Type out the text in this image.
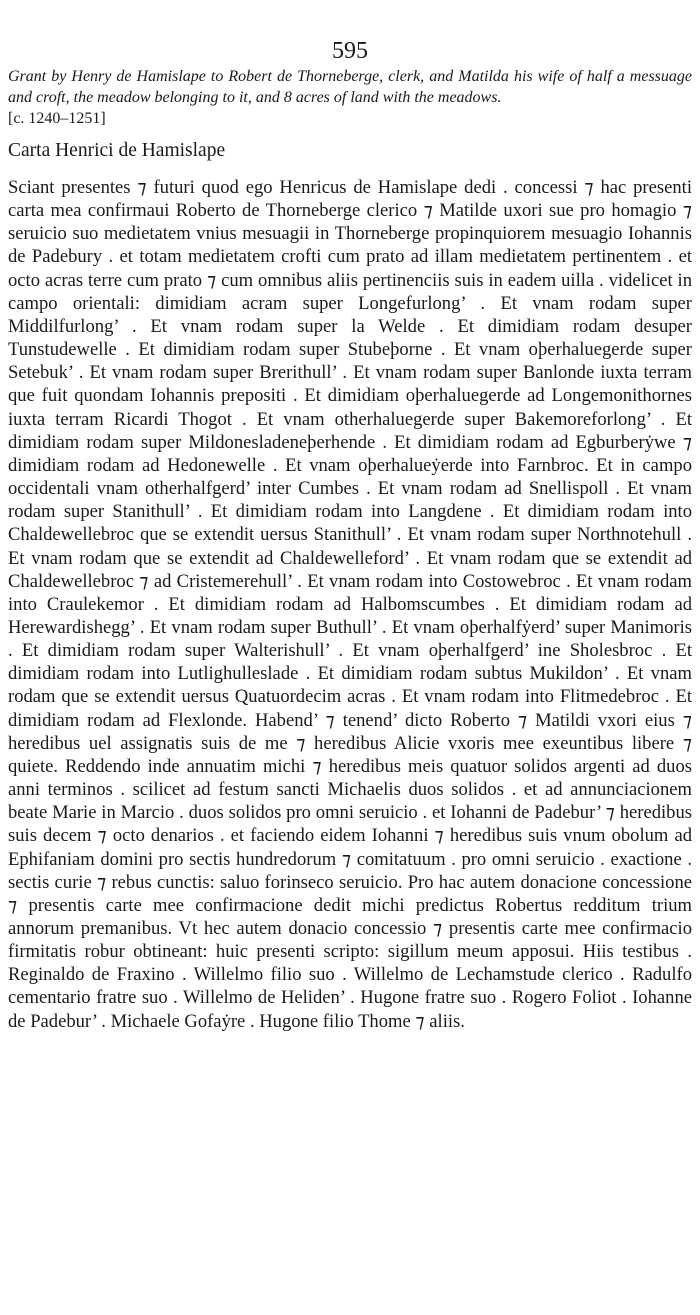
595

Grant by Henry de Hamislape to Robert de Thorneberge, clerk, and Matilda his wife of half a messuage and croft, the meadow belonging to it, and 8 acres of land with the meadows.

[c. 1240–1251]

Carta Henrici de Hamislape

Sciant presentes ⁊ futuri quod ego Henricus de Hamislape dedi . concessi ⁊ hac presenti carta mea confirmaui Roberto de Thorneberge clerico ⁊ Matilde uxori sue pro homagio ⁊ seruicio suo medietatem vnius mesuagii in Thorneberge propinquiorem mesuagio Iohannis de Padebury . et totam medietatem crofti cum prato ad illam medietatem pertinentem . et octo acras terre cum prato ⁊ cum omnibus aliis pertinenciis suis in eadem uilla . videlicet in campo orientali: dimidiam acram super Longefurlong’ . Et vnam rodam super Middilfurlong’ . Et vnam rodam super la Welde . Et dimidiam rodam desuper Tunstudewelle . Et dimidiam rodam super Stubeþorne . Et vnam oþerhaluegerde super Setebuk’ . Et vnam rodam super Brerithull’ . Et vnam rodam super Banlonde iuxta terram que fuit quondam Iohannis prepositi . Et dimidiam oþerhaluegerde ad Longemonithornes iuxta terram Ricardi Thogot . Et vnam otherhaluegerde super Bakemoreforlong’ . Et dimidiam rodam super Mildonesladeneþerhende . Et dimidiam rodam ad Egburberẏwe ⁊ dimidiam rodam ad Hedonewelle . Et vnam oþerhalueẏerde into Farnbroc. Et in campo occidentali vnam otherhalfgerd’ inter Cumbes . Et vnam rodam ad Snellispoll . Et vnam rodam super Stanithull’ . Et dimidiam rodam into Langdene . Et dimidiam rodam into Chaldewellebroc que se extendit uersus Stanithull’ . Et vnam rodam super Northnotehull . Et vnam rodam que se extendit ad Chaldewelleford’ . Et vnam rodam que se extendit ad Chaldewellebroc ⁊ ad Cristemerehull’ . Et vnam rodam into Costowebroc . Et vnam rodam into Craulekemor . Et dimidiam rodam ad Halbomscumbes . Et dimidiam rodam ad Herewardishegg’ . Et vnam rodam super Buthull’ . Et vnam oþerhalfẏerd’ super Manimoris . Et dimidiam rodam super Walterishull’ . Et vnam oþerhalfgerd’ ine Sholesbroc . Et dimidiam rodam into Lutlighulleslade . Et dimidiam rodam subtus Mukildon’ . Et vnam rodam que se extendit uersus Quatuordecim acras . Et vnam rodam into Flitmedebroc . Et dimidiam rodam ad Flexlonde. Habend’ ⁊ tenend’ dicto Roberto ⁊ Matildi vxori eius ⁊ heredibus uel assignatis suis de me ⁊ heredibus Alicie vxoris mee exeuntibus libere ⁊ quiete. Reddendo inde annuatim michi ⁊ heredibus meis quatuor solidos argenti ad duos anni terminos . scilicet ad festum sancti Michaelis duos solidos . et ad annunciacionem beate Marie in Marcio . duos solidos pro omni seruicio . et Iohanni de Padebur’ ⁊ heredibus suis decem ⁊ octo denarios . et faciendo eidem Iohanni ⁊ heredibus suis vnum obolum ad Ephifaniam domini pro sectis hundredorum ⁊ comitatuum . pro omni seruicio . exactione . sectis curie ⁊ rebus cunctis: saluo forinseco seruicio. Pro hac autem donacione concessione ⁊ presentis carte mee confirmacione dedit michi predictus Robertus redditum trium annorum premanibus. Vt hec autem donacio concessio ⁊ presentis carte mee confirmacio firmitatis robur obtineant: huic presenti scripto: sigillum meum apposui. Hiis testibus . Reginaldo de Fraxino . Willelmo filio suo . Willelmo de Lechamstude clerico . Radulfo cementario fratre suo . Willelmo de Heliden’ . Hugone fratre suo . Rogero Foliot . Iohanne de Padebur’ . Michaele Gofaẏre . Hugone filio Thome ⁊ aliis.
